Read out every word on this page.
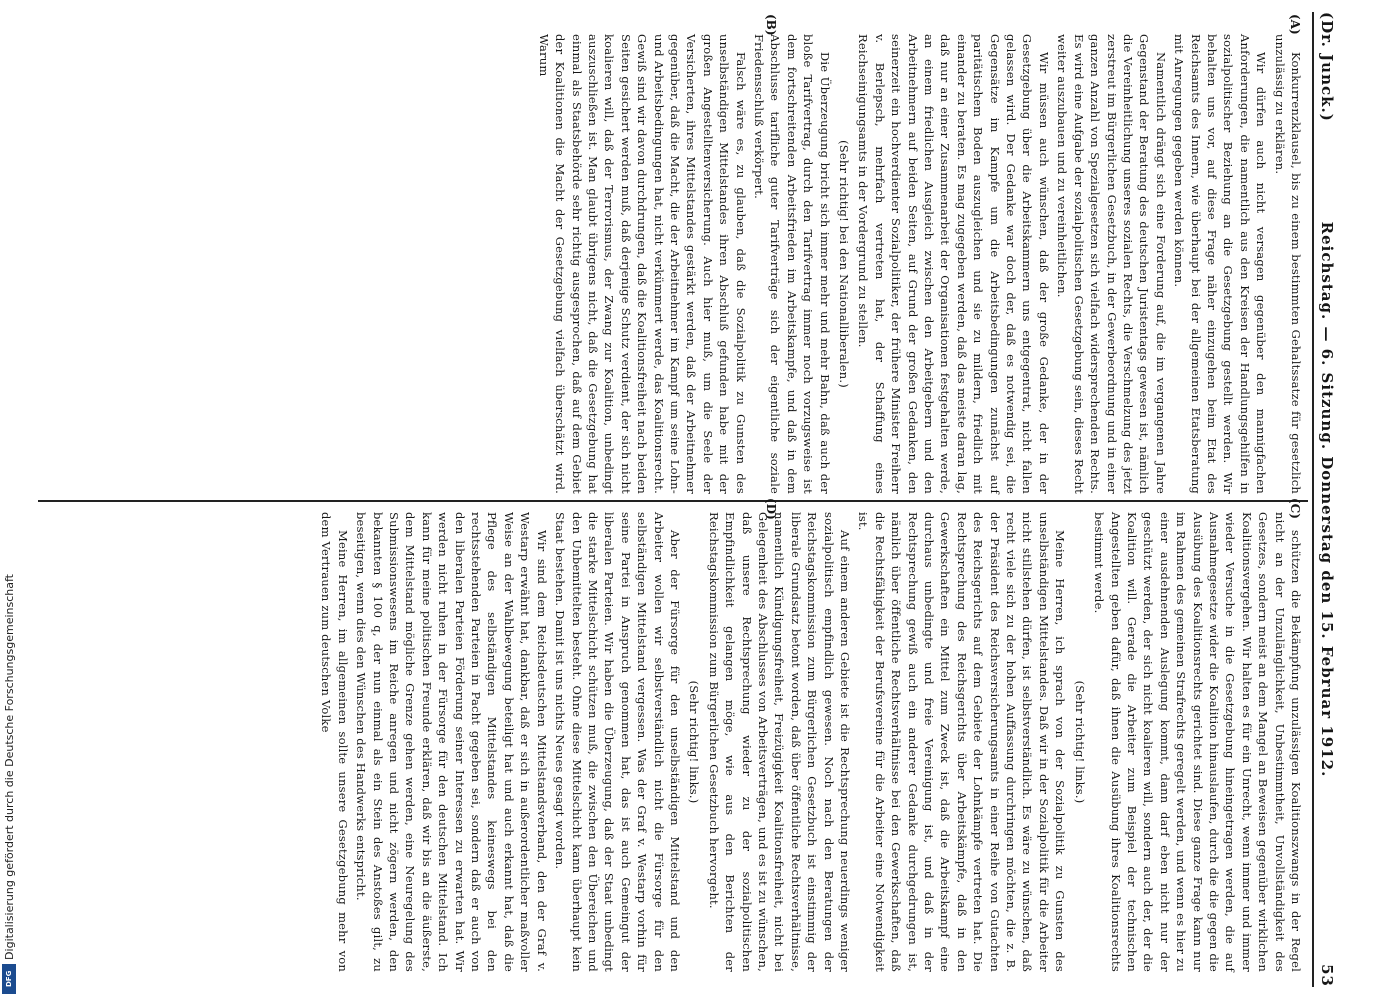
Digitalisierung gefördert durch die Deutsche Forschungsgemeinschaft
DFG
(Dr. Junck.)
Reichstag. — 6. Sitzung. Donnerstag den 15. Februar 1912.
53
(A)
(B)

Konkurrenzklausel, bis zu einem bestimmten Gehaltssatze für gesetzlich unzulässig zu erklären.

Wir dürfen auch nicht versagen gegenüber den mannigfachen Anforderungen, die namentlich aus den Kreisen der Handlungsgehilfen in sozialpolitischer Beziehung an die Gesetzgebung gestellt werden. Wir behalten uns vor, auf diese Frage näher einzugehen beim Etat des Reichsamts des Innern, wie überhaupt bei der allgemeinen Etatsberatung mit Anregungen gegeben werden können.

Namentlich drängt sich eine Forderung auf, die im vergangenen Jahre Gegenstand der Beratung des deutschen Juristentags gewesen ist, nämlich die Vereinheitlichung unseres sozialen Rechts, die Verschmelzung des jetzt zerstreut im Bürgerlichen Gesetzbuch, in der Gewerbeordnung und in einer ganzen Anzahl von Spezialgesetzen sich vielfach widersprechenden Rechts. Es wird eine Aufgabe der sozialpolitischen Gesetzgebung sein, dieses Recht weiter auszubauen und zu vereinheitlichen.

Wir müssen auch wünschen, daß der große Gedanke, der in der Gesetzgebung über die Arbeitskammern uns entgegentrat, nicht fallen gelassen wird. Der Gedanke war doch der, daß es notwendig sei, die Gegensätze im Kampfe um die Arbeitsbedingungen zunächst auf paritätischem Boden auszugleichen und sie zu mildern, friedlich mit einander zu beraten. Es mag zugegeben werden, daß das meiste daran lag, daß nur an einer Zusammenarbeit der Organisationen festgehalten werde, an einem friedlichen Ausgleich zwischen den Arbeitgebern und den Arbeitnehmern auf beiden Seiten, auf Grund der großen Gedanken, den seinerzeit ein hochverdienter Sozialpolitiker, der frühere Minister Freiherr v. Berlepsch, mehrfach vertreten hat, der Schaffung eines Reichseinigungsamts in der Vordergrund zu stellen.

(Sehr richtig! bei den Nationalliberalen.)

Die Überzeugung bricht sich immer mehr und mehr Bahn, daß auch der bloße Tarifvertrag, durch den Tarifvertrag immer noch vorzugsweise ist dem fortschreitenden Arbeitsfrieden im Arbeitskampfe, und daß in dem Abschlusse tarifliche guter Tarifverträge sich der eigentliche soziale Friedensschluß verkörpert.

Falsch wäre es, zu glauben, daß die Sozialpolitik zu Gunsten des unselbständigen Mittelstandes ihren Abschluß gefunden habe mit der großen Angestelltenversicherung. Auch hier muß, um die Seele der Versicherten, ihres Mittelstandes gestärkt werden, daß der Arbeitnehmer gegenüber, daß die Macht, die der Arbeitnehmer im Kampf um seine Lohn- und Arbeitsbedingungen hat, nicht verkümmert werde, das Koalitionsrecht. Gewiß sind wir davon durchdrungen, daß die Koalitionsfreiheit nach beiden Seiten gesichert werden muß, daß derjenige Schutz verdient, der sich nicht koalieren will, daß der Terrorismus, der Zwang zur Koalition, unbedingt auszuschließen ist. Man glaubt übrigens nicht, daß die Gesetzgebung hat einmal als Staatsbehörde sehr richtig ausgesprochen, daß auf dem Gebiet der Koalitionen die Macht der Gesetzgebung vielfach überschätzt wird. Warum

(C)
(D)

schützen die Bekämpfung unzulässigen Koalitionszwangs in der Regel nicht an der Unzulänglichkeit, Unbestimmtheit, Unvollständigkeit des Gesetzes, sondern meist an dem Mangel an Beweisen gegenüber wirklichen Koalitionsvergehen. Wir halten es für ein Unrecht, wenn immer und immer wieder Versuche in die Gesetzgebung hineingetragen werden, die auf Ausnahmegesetze wider die Koalition hinauslaufen, durch die die gegen die Ausübung des Koalitionsrechts gerichtet sind. Diese ganze Frage kann nur im Rahmen des gemeinen Strafrechts geregelt werden, und wenn es hier zu einer ausdehnenden Auslegung kommt, dann darf eben nicht nur der geschützt werden, der sich nicht koalieren will, sondern auch der, der die Koalition will. Gerade die Arbeiter zum Beispiel der technischen Angestellten geben dafür, daß ihnen die Ausübung ihres Koalitionsrechts bestimmt werde.

(Sehr richtig! links.)

Meine Herren, ich sprach von der Sozialpolitik zu Gunsten des unselbständigen Mittelstandes. Daß wir in der Sozialpolitik für die Arbeiter nicht stillstehen dürfen, ist selbstverständlich. Es wäre zu wünschen, daß recht viele sich zu der hohen Auffassung durchringen möchten, die z. B. der Präsident des Reichsversicherungsamts in einer Reihe von Gutachten des Reichsgerichts auf dem Gebiete der Lohnkämpfe vertreten hat. Die Rechtsprechung des Reichsgerichts über Arbeitskämpfe, daß in den Gewerkschaften ein Mittel zum Zweck ist, daß die Arbeitskampf eine durchaus unbedingte und freie Vereinigung ist, und daß in der Rechtsprechung gewiß auch ein anderer Gedanke durchgedrungen ist, nämlich über öffentliche Rechtsverhältnisse bei den Gewerkschaften, daß die Rechtsfähigkeit der Berufsvereine für die Arbeiter eine Notwendigkeit ist.

Auf einem anderen Gebiete ist die Rechtsprechung neuerdings weniger sozialpolitisch empfindlich gewesen. Noch nach den Beratungen der Reichstagskommission zum Bürgerlichen Gesetzbuch ist einstimmig der liberale Grundsatz betont worden, daß über öffentliche Rechtsverhältnisse, namentlich Kündigungsfreiheit, Freizügigkeit Koalitionsfreiheit, nicht bei Gelegenheit des Abschlusses von Arbeitsverträgen, und es ist zu wünschen, daß unsere Rechtsprechung wieder zu der sozialpolitischen Empfindlichkeit gelangen möge, wie aus den Berichten der Reichstagskommission zum Bürgerlichen Gesetzbuch hervorgeht.

(Sehr richtig! links.)

Aber der Fürsorge für den unselbständigen Mittelstand und den Arbeiter wollen wir selbstverständlich nicht die Fürsorge für den selbständigen Mittelstand vergessen. Was der Graf v. Westarp vorhin für seine Partei in Anspruch genommen hat, das ist auch Gemeingut der liberalen Parteien. Wir haben die Überzeugung, daß der Staat unbedingt die starke Mittelschicht schützen muß, die zwischen den Übereichen und den Unbemittelten besteht. Ohne diese Mittelschicht kann überhaupt kein Staat bestehen. Damit ist uns nichts Neues gesagt worden.

Wir sind dem Reichsdeutschen Mittelstandsverband, den der Graf v. Westarp erwähnt hat, dankbar, daß er sich in außerordentlicher maßvoller Weise an der Wahlbewegung beteiligt hat und auch erkannt hat, daß die Pflege des selbständigen Mittelstandes keineswegs bei den rechtsstehenden Parteien in Pacht gegeben sei, sondern daß er auch von den liberalen Parteien Förderung seiner Interessen zu erwarten hat. Wir werden nicht ruhen in der Fürsorge für den deutschen Mittelstand. Ich kann für meine politischen Freunde erklären, daß wir bis an die äußerste, dem Mittelstand mögliche Grenze gehen werden, eine Neuregelung des Submissionswesens im Reiche anregen und nicht zögern werden, den bekannten § 100 q, der nun einmal als ein Stein des Anstoßes gilt, zu beseitigen, wenn dies den Wünschen des Handwerks entspricht.

Meine Herren, im allgemeinen sollte unsere Gesetzgebung mehr von dem Vertrauen zum deutschen Volke
